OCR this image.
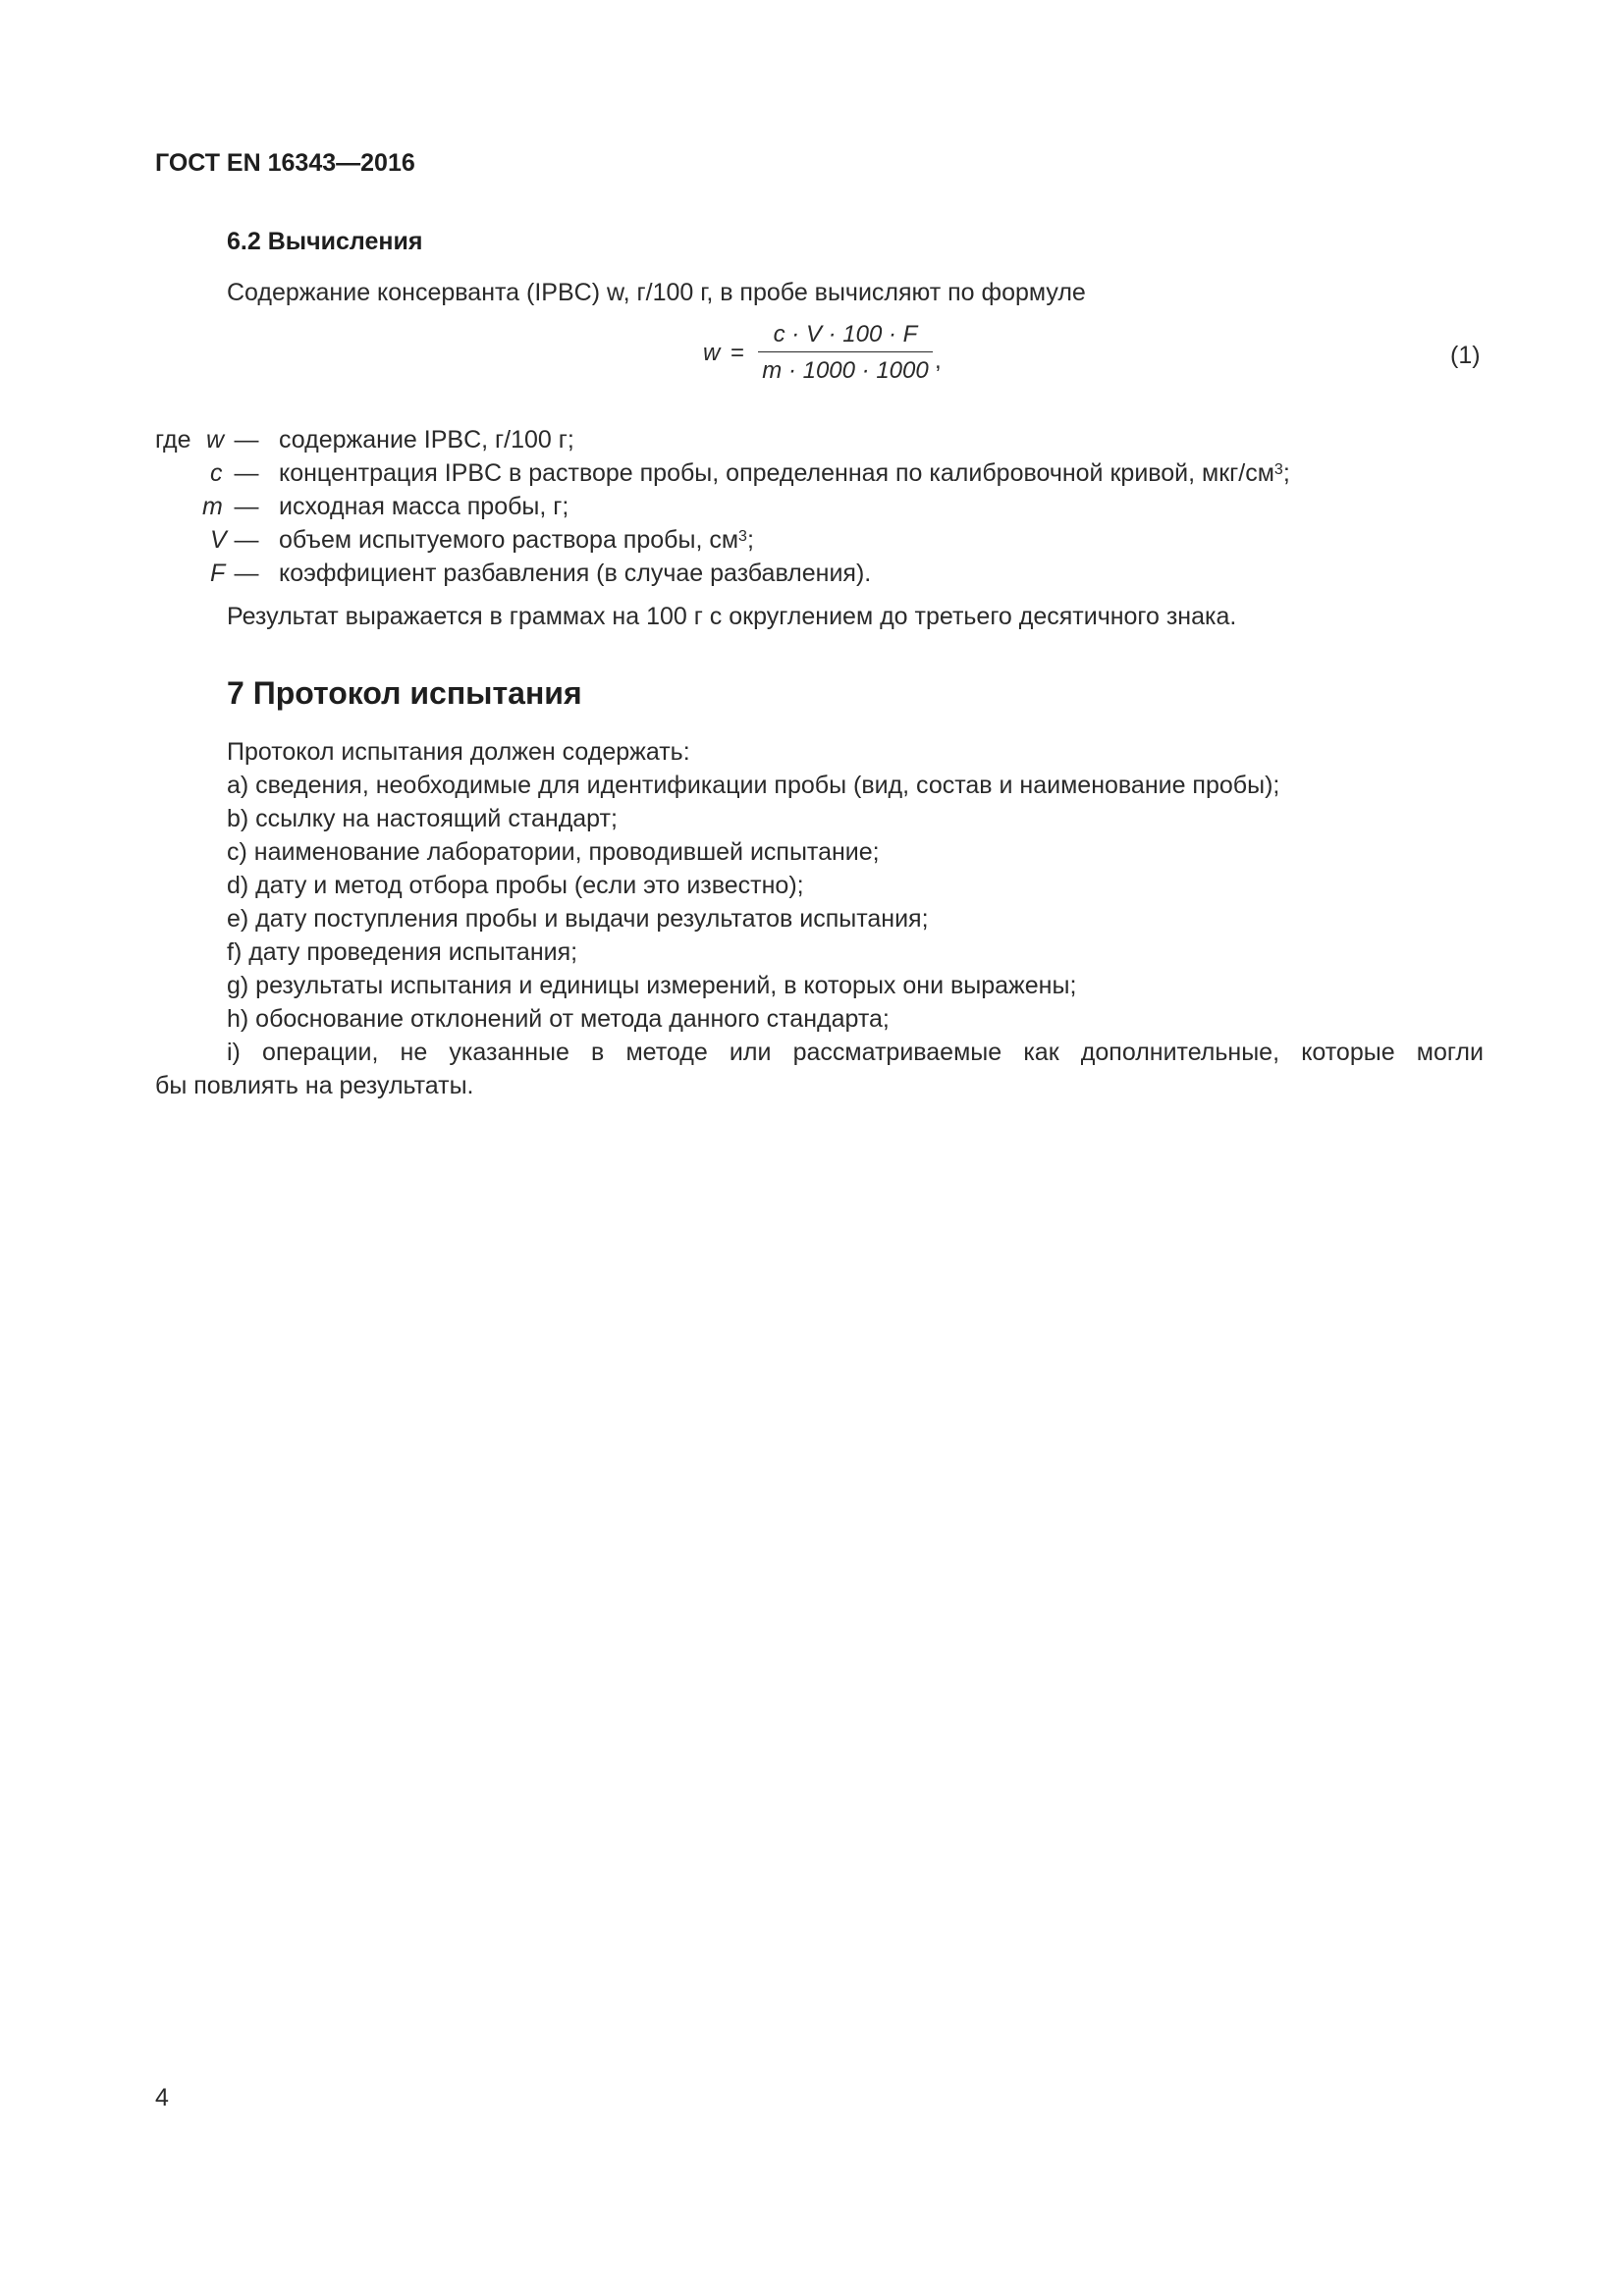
ГОСТ EN 16343—2016
6.2 Вычисления
Содержание консерванта (IPBC) w, г/100 г, в пробе вычисляют по формуле
w =
c · V · 100 · F
m · 1000 · 1000 ,	(1)
где w — содержание IPBC, г/100 г;
c — концентрация IPBC в растворе пробы, определенная по калибровочной кривой, мкг/$см^3$;
m — исходная масса пробы, г;
V — объем испытуемого раствора пробы, $см^3$;
F — коэффициент разбавления (в случае разбавления).
Результат выражается в граммах на 100 г с округлением до третьего десятичного знака.
7 Протокол испытания
Протокол испытания должен содержать:
a) сведения, необходимые для идентификации пробы (вид, состав и наименование пробы);
b) ссылку на настоящий стандарт;
c) наименование лаборатории, проводившей испытание;
d) дату и метод отбора пробы (если это известно);
e) дату поступления пробы и выдачи результатов испытания;
f) дату проведения испытания;
g) результаты испытания и единицы измерений, в которых они выражены;
h) обоснование отклонений от метода данного стандарта;
i) операции, не указанные в методе или рассматриваемые как дополнительные, которые могли
бы повлиять на результаты.
4
